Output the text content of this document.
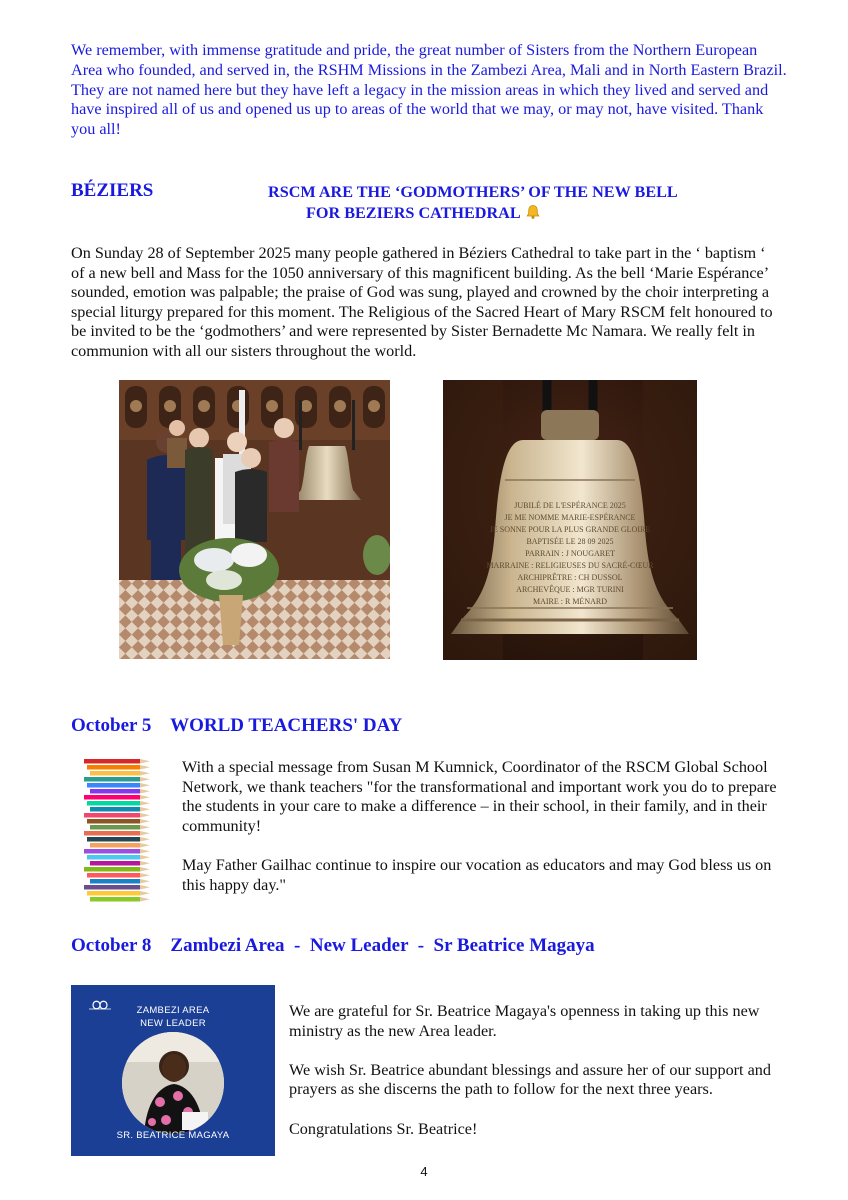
We remember, with immense gratitude and pride, the great number of Sisters from the Northern European Area who founded, and served in, the RSHM Missions in the Zambezi Area, Mali and in North Eastern Brazil. They are not named here but they have left a legacy in the mission areas in which they lived and served and have inspired all of us and opened us up to areas of the world that we may, or may not, have visited. Thank you all!
BÉZIERS	RSCM ARE THE ‘GODMOTHERS’ OF THE NEW BELL
FOR BEZIERS CATHEDRAL
On Sunday 28 of September 2025 many people gathered in Béziers Cathedral to take part in the ‘ baptism ‘ of a new bell and Mass for the 1050 anniversary of this magnificent building. As the bell ‘Marie Espérance’ sounded, emotion was palpable; the praise of God was sung, played and crowned by the choir interpreting a special liturgy prepared for this moment. The Religious of the Sacred Heart of Mary RSCM felt honoured to be invited to be the ‘godmothers’ and were represented by Sister Bernadette Mc Namara. We really felt in communion with all our sisters throughout the world.
JUBILÉ DE L'ESPÉRANCE 2025
JE ME NOMME MARIE-ESPÉRANCE
JE SONNE POUR LA PLUS GRANDE GLOIRE
BAPTISÉE LE 28 09 2025
PARRAIN : J NOUGARET
MARRAINE : RELIGIEUSES DU SACRÉ-CŒUR
ARCHIPRÊTRE : CH DUSSOL
ARCHEVÊQUE : MGR TURINI
MAIRE : R MÉNARD
October 5 WORLD TEACHERS' DAY

With a special message from Susan M Kumnick, Coordinator of the RSCM Global School Network, we thank teachers "for the transformational and important work you do to prepare the students in your care to make a difference – in their school, in their family, and in their community!

May Father Gailhac continue to inspire our vocation as educators and may God bless us on this happy day."

October 8 Zambezi Area  -  New Leader  -  Sr Beatrice Magaya
ZAMBEZI AREA
NEW LEADER
SR. BEATRICE MAGAYA

We are grateful for Sr. Beatrice Magaya's openness in taking up this new ministry as the new Area leader.

We wish Sr. Beatrice abundant blessings and assure her of our support and prayers as she discerns the path to follow for the next three years.

Congratulations Sr. Beatrice!

4
